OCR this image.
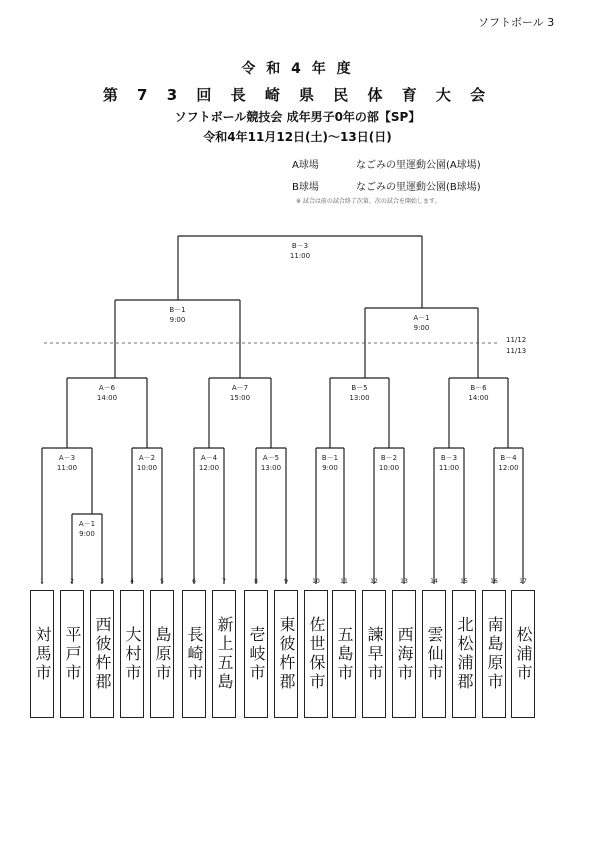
ソフトボール 3
令 和 4 年 度
第 7 3 回 長 崎 県 民 体 育 大 会
ソフトボール競技会 成年男子0年の部【SP】
令和4年11月12日(土)～13日(日)
A球場	なごみの里運動公園(A球場)
B球場	なごみの里運動公園(B球場)
※ 試合は前の試合終了次第、次の試合を開始します。
A－1
9:00
A－3
11:00
A－2
10:00
A－4
12:00
A－5
13:00
B－1
9:00
B－2
10:00
B－3
11:00
B－4
12:00
A－6
14:00
A－7
15:00
B－5
13:00
B－6
14:00
B－1
9:00	A－1
9:00
B－3
11:00
11/12
11/13
1	2	3	4	5	6	7	8	9	10	11	12	13	14	15	16	17
対馬市 平戸市 西彼杵郡 大村市 島原市 長崎市 新上五島 壱岐市 東彼杵郡 佐世保市 五島市 諫早市 西海市 雲仙市 北松浦郡 南島原市 松浦市
